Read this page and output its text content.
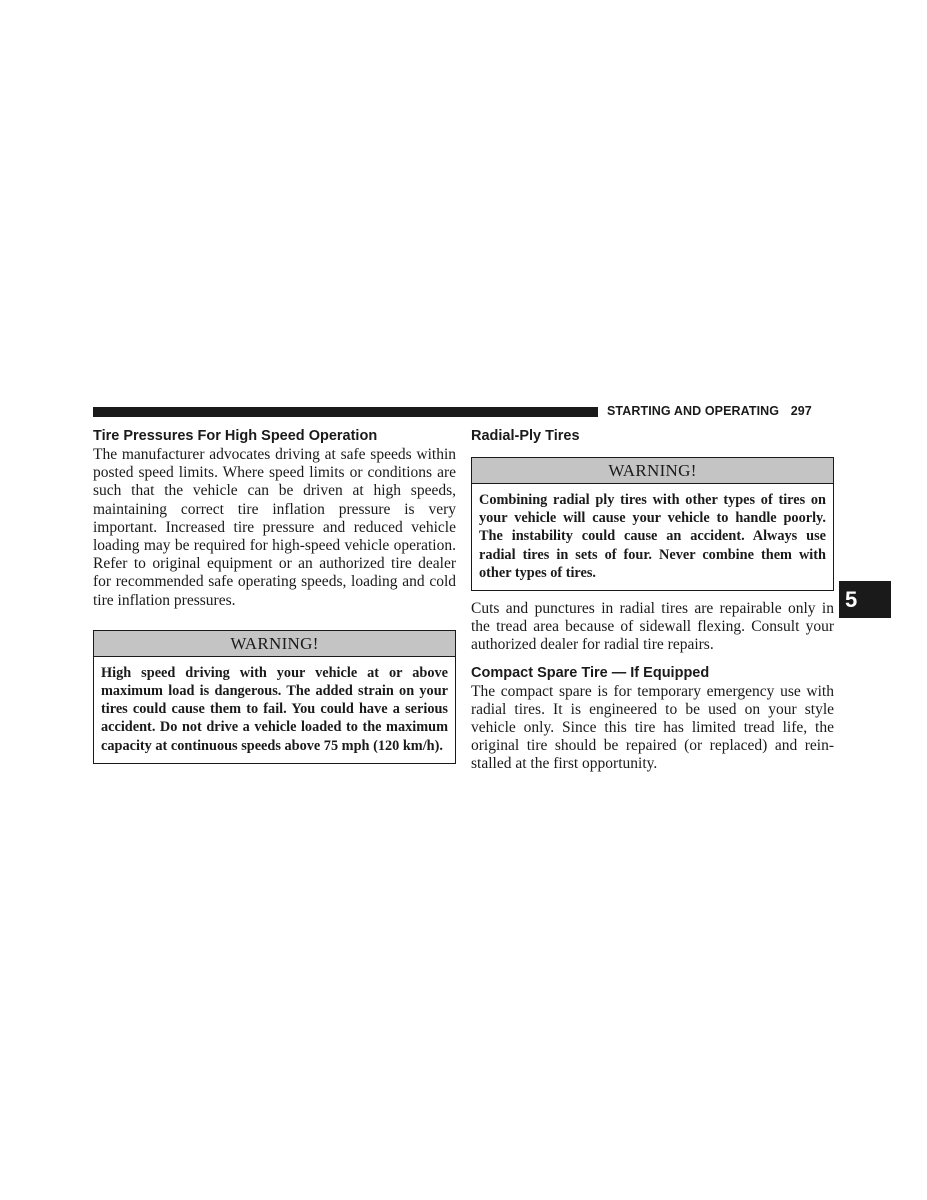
STARTING AND OPERATING 297
5
Tire Pressures For High Speed Operation

The manufacturer advocates driving at safe speeds within posted speed limits. Where speed limits or conditions are such that the vehicle can be driven at high speeds, maintaining correct tire inflation pressure is very important. Increased tire pressure and reduced vehicle loading may be required for high-speed vehicle operation. Refer to original equipment or an authorized tire dealer for recommended safe operating speeds, loading and cold tire inflation pressures.

WARNING!

High speed driving with your vehicle at or above maximum load is dangerous. The added strain on your tires could cause them to fail. You could have a serious accident. Do not drive a vehicle loaded to the maximum capacity at continuous speeds above 75 mph (120 km/h).

Radial-Ply Tires
WARNING!

Combining radial ply tires with other types of tires on your vehicle will cause your vehicle to handle poorly. The instability could cause an accident. Always use radial tires in sets of four. Never combine them with other types of tires.

Cuts and punctures in radial tires are repairable only in the tread area because of sidewall flexing. Consult your authorized dealer for radial tire repairs.

Compact Spare Tire — If Equipped

The compact spare is for temporary emergency use with radial tires. It is engineered to be used on your style vehicle only. Since this tire has limited tread life, the original tire should be repaired (or replaced) and reinstalled at the first opportunity.
